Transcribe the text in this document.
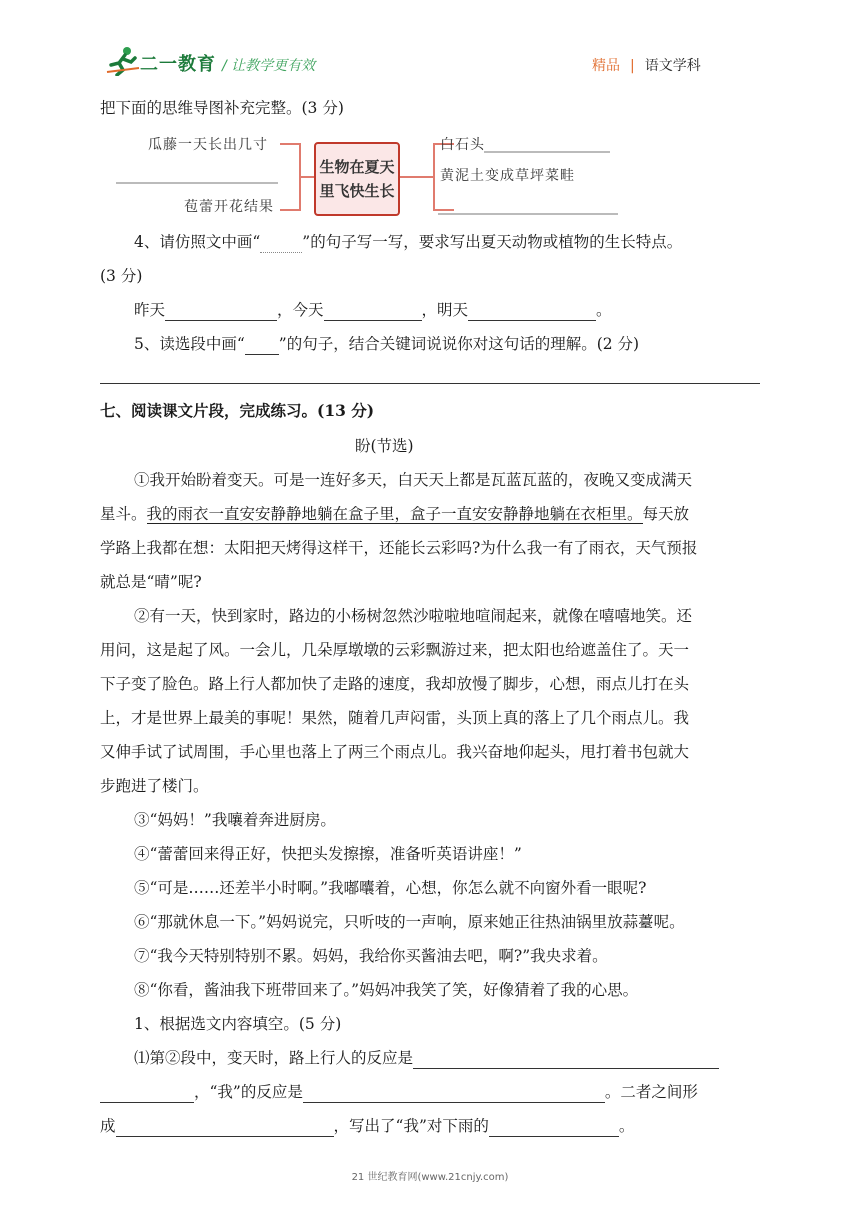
二一教育 / 让教学更有效	精品 | 语文学科
把下面的思维导图补充完整。(3 分)
瓜藤一天长出几寸
苞蕾开花结果
生物在夏天
里飞快生长
白石头
黄泥土变成草坪菜畦
4、请仿照文中画“	”的句子写一写，要求写出夏天动物或植物的生长特点。
(3 分)
昨天	，今天	，明天	。
5、读选段中画“ ”的句子，结合关键词说说你对这句话的理解。(2 分)
七、阅读课文片段，完成练习。(13 分)
盼(节选)
①我开始盼着变天。可是一连好多天，白天天上都是瓦蓝瓦蓝的，夜晚又变成满天
星斗。我的雨衣一直安安静静地躺在盒子里，盒子一直安安静静地躺在衣柜里。每天放
学路上我都在想：太阳把天烤得这样干，还能长云彩吗?为什么我一有了雨衣，天气预报
就总是“晴”呢?
②有一天，快到家时，路边的小杨树忽然沙啦啦地喧闹起来，就像在嘻嘻地笑。还
用问，这是起了风。一会儿，几朵厚墩墩的云彩飘游过来，把太阳也给遮盖住了。天一
下子变了脸色。路上行人都加快了走路的速度，我却放慢了脚步，心想，雨点儿打在头
上，才是世界上最美的事呢！果然，随着几声闷雷，头顶上真的落上了几个雨点儿。我
又伸手试了试周围，手心里也落上了两三个雨点儿。我兴奋地仰起头，甩打着书包就大
步跑进了楼门。
③“妈妈！”我嚷着奔进厨房。
④“蕾蕾回来得正好，快把头发擦擦，准备听英语讲座！”
⑤“可是……还差半小时啊。”我嘟囔着，心想，你怎么就不向窗外看一眼呢?
⑥“那就休息一下。”妈妈说完，只听吱的一声响，原来她正往热油锅里放蒜薹呢。
⑦“我今天特别特别不累。妈妈，我给你买酱油去吧，啊?”我央求着。
⑧“你看，酱油我下班带回来了。”妈妈冲我笑了笑，好像猜着了我的心思。
1、根据选文内容填空。(5 分)
⑴第②段中，变天时，路上行人的反应是
，“我”的反应是	。二者之间形
成	，写出了“我”对下雨的	。
21 世纪教育网(www.21cnjy.com)
